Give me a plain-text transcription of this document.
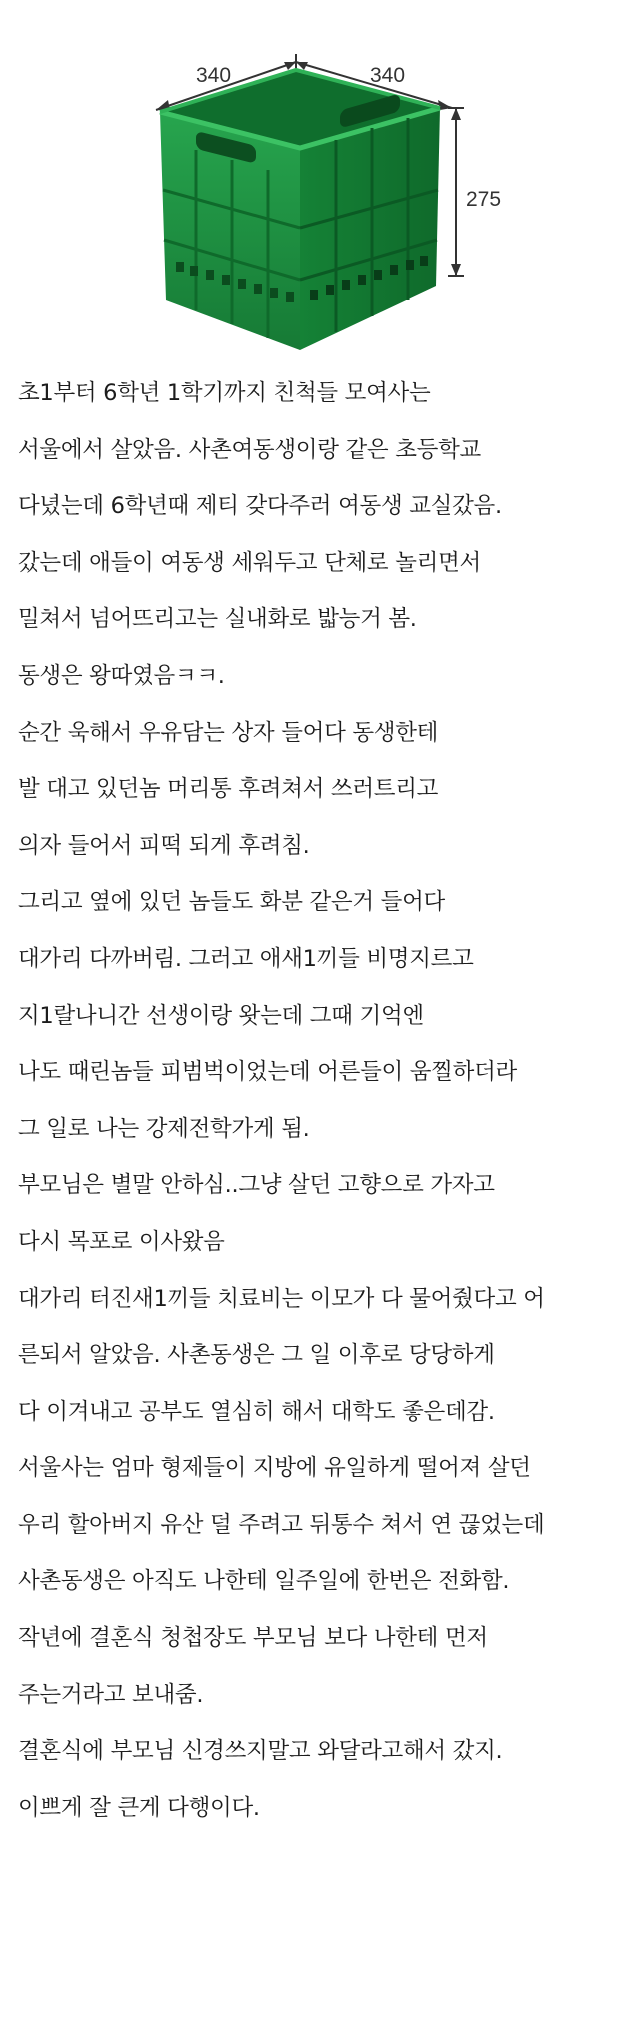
340	340
275
초1부터 6학년 1학기까지 친척들 모여사는
서울에서 살았음. 사촌여동생이랑 같은 초등학교
다녔는데 6학년때 제티 갖다주러 여동생 교실갔음.
갔는데 애들이 여동생 세워두고 단체로 놀리면서
밀쳐서 넘어뜨리고는 실내화로 밟능거 봄.
동생은 왕따였음ㅋㅋ.
순간 욱해서 우유담는 상자 들어다 동생한테
발 대고 있던놈 머리통 후려쳐서 쓰러트리고
의자 들어서 피떡 되게 후려침.
그리고 옆에 있던 놈들도 화분 같은거 들어다
대가리 다까버림. 그러고 애새1끼들 비명지르고
지1랄나니간 선생이랑 왓는데 그때 기억엔
나도 때린놈들 피범벅이었는데 어른들이 움찔하더라
그 일로 나는 강제전학가게 됨.
부모님은 별말 안하심..그냥 살던 고향으로 가자고
다시 목포로 이사왔음
대가리 터진새1끼들 치료비는 이모가 다 물어줬다고 어
른되서 알았음. 사촌동생은 그 일 이후로 당당하게
다 이겨내고 공부도 열심히 해서 대학도 좋은데감.
서울사는 엄마 형제들이 지방에 유일하게 떨어져 살던
우리 할아버지 유산 덜 주려고 뒤통수 쳐서 연 끊었는데
사촌동생은 아직도 나한테 일주일에 한번은 전화함.
작년에 결혼식 청첩장도 부모님 보다 나한테 먼저
주는거라고 보내줌.
결혼식에 부모님 신경쓰지말고 와달라고해서 갔지.
이쁘게 잘 큰게 다행이다.
